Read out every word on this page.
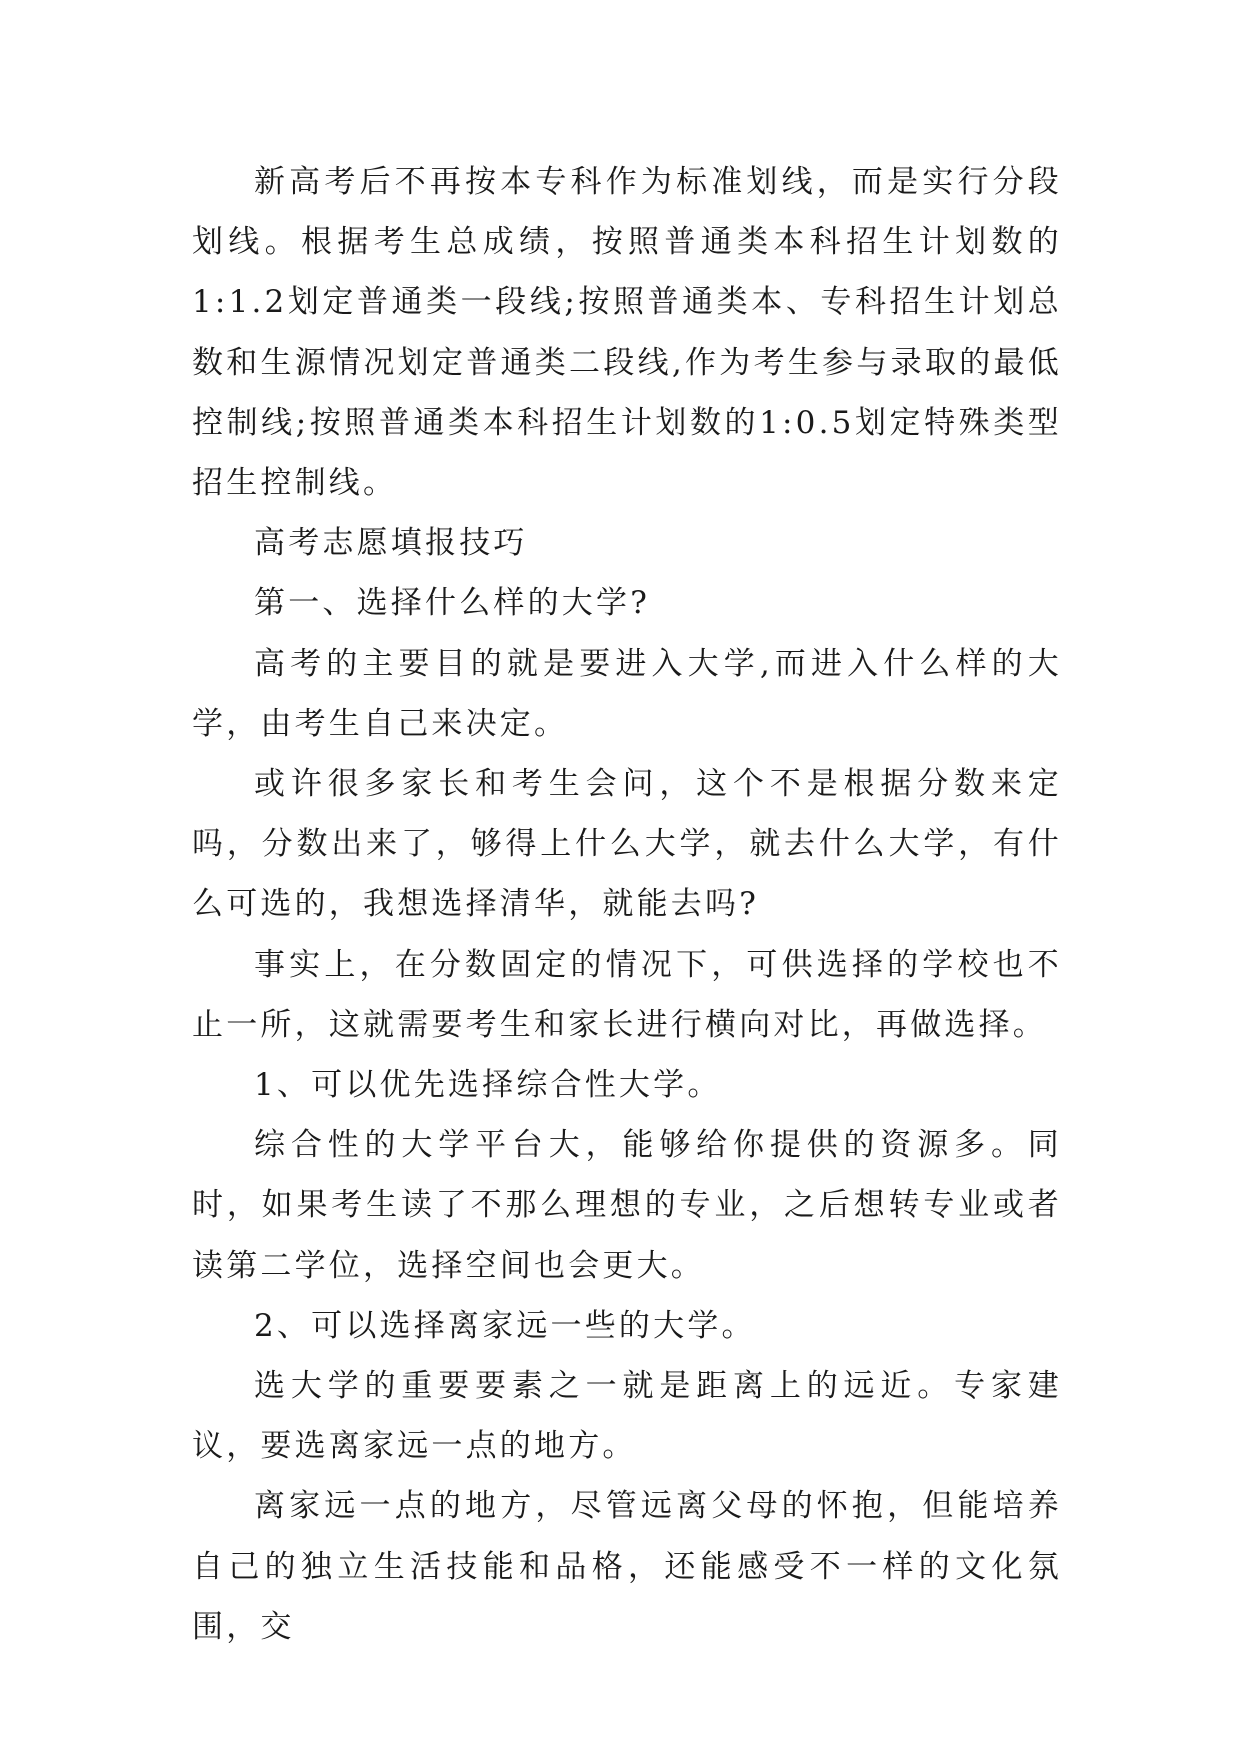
新高考后不再按本专科作为标准划线，而是实行分段划线。根据考生总成绩，按照普通类本科招生计划数的1:1.2划定普通类一段线;按照普通类本、专科招生计划总数和生源情况划定普通类二段线,作为考生参与录取的最低控制线;按照普通类本科招生计划数的1:0.5划定特殊类型招生控制线。

高考志愿填报技巧

第一、选择什么样的大学?

高考的主要目的就是要进入大学,而进入什么样的大学，由考生自己来决定。

或许很多家长和考生会问，这个不是根据分数来定吗，分数出来了，够得上什么大学，就去什么大学，有什么可选的，我想选择清华，就能去吗?

事实上，在分数固定的情况下，可供选择的学校也不止一所，这就需要考生和家长进行横向对比，再做选择。

1、可以优先选择综合性大学。

综合性的大学平台大，能够给你提供的资源多。同时，如果考生读了不那么理想的专业，之后想转专业或者读第二学位，选择空间也会更大。

2、可以选择离家远一些的大学。

选大学的重要要素之一就是距离上的远近。专家建议，要选离家远一点的地方。

离家远一点的地方，尽管远离父母的怀抱，但能培养自己的独立生活技能和品格，还能感受不一样的文化氛围，交
